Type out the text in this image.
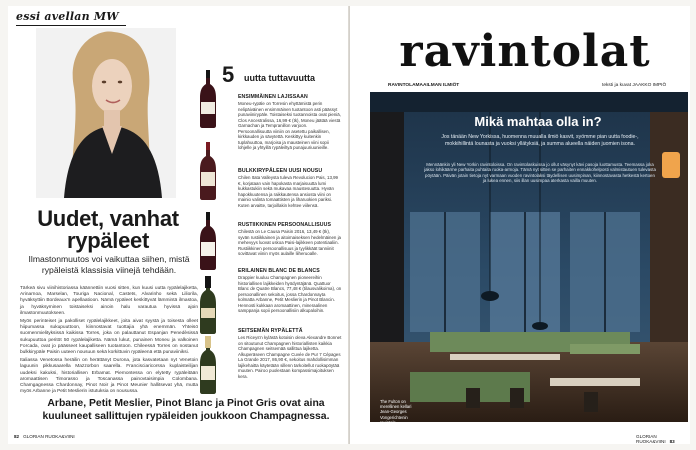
essi avellan MW
Uudet, vanhat rypäleet
Ilmastonmuutos voi vaikuttaa siihen, mistä rypäleistä klassisia viinejä tehdään.

Tärkeä sivu viinihistoriassa käännettiin vuosi sitten, kun kuusi uutta rypälelajiketta, Arinarnoa, Marselan, Touriga Nacional, Castets, Alvarinho sekä Liliorila, hyväksyttiin Bordeaux'n apellaatioon. Nämä rypäleet keskittyvät lämmintä ilmastoa, ja hyväksyminen toistaiseksi ainoin halu varautua hyvissä ajoin ilmastonmuutokseen.

Myös perinteiset ja pakolliset rypälelajikkeet, joita aivat syystä ja toisesta olleet hiipumassa sukupuuttoon, kiinnostavat tuottajia yhä enemmän. Yhteisö suomenmielityksissä kaikissa Torres, joka on palauttanut Espanjan Penedèsissä sukupuuttoa peritöt 50 rypälelajiketta. Nämä lukut, punainen Moneu ja valkoinen Forcada, ovat jo päässeet kaupalliseen tuotantoon. Chileessä Torres on nostanut bulkkirypäle Paisin uuteen nousuun sekä korkittuvin rypäleenä että punaviiniksi.

Italiassa Venetossa heräilin on herättänyt Durona, jota kasvatetaan nyt Venetoin laguunin pikkusaarella Mazzorbon saarella. Francisciaricorssa kuplaisteilijan uudeksi kakuksi, historiallisen Erbamat. Piemontessa on elytetty rypäleitään aromaattisen Timorasso ja Toscanassa painovtaisimpia Colombana. Chamgagnessa Chardonnay, Pinot Noir ja Pinot Meunier hallitsevat yhä, mutta myös Arbanne ja Petit Meslierin istutuksia on nousussa.

5 uutta tuttavuutta
ENSIMMÄINEN LAJISSAAN
Moneu-rypäle on Torresin ehyttämistä perin nelipäiväinen ensimmäinen tuotantoon asti päässyt punaviinirypäle. Toistaiseksi tuotannoista ovat pieniä, Clos Ancestralissa, 16,99 € (tk), Moneu jäätää viestä Garnachan ja Tempranillon varjoon. Persoonallisuutta viiniin on asetettu paikallisen, kirkkauden ja sävytettä. Keskittyy kuitenkin tuplahuuttoa, marjoisa ja mausteinen viini sopii lohjelle ja yhtyillä rypäleiltyä punajuuriuunieille.
BULKKIRYPÄLEEN UUSI NOUSU
Chilen Itata Valleysta tuleva Revolucion Pais, 13,99 €, korjataan vain hapokasta marjaisuutta lumi kukkastukiin sekä mukavaa maustesuutta. Hyvän hapokkuutensa ja raikkautensa ansiosta viini on mainio valinta tomaattisten ja liharuokien pariksi. Kuten arvaitte, tarjoillakin kehtee viilensä.
RUSTIIKKINEN PERSOONALLISUUS
Chilestä on Le Causa Paisin 2016, 13,49 € (tk), syvän rustiikkainen ja aitoimaiseksen hedelmäinen ja mehevyys luovat uskoa Paisi-lajikkeen potentiaaliin. Rustiikkinen persoonallisuus ja tyylikkäät tanniinit sovittavat viinin myös aulaille liiheruoalle.
ERILAINEN BLANC DE BLANCS
Drappier kuuluu Champagnen pioneereihin historiallisen lajikkeiden hyödyntäjänä. Quattuor Blanc de Quatre Blancs, 77,48 € (tilausvalikoima), on persoonallinen sekoitus, jossa Chardonnayta kolmatta Arbanne, Petit Meslierin ja Pinot Blancin. Hennosti kukkaan aromaattinen, mineraalinen samppanja sopii persoonallisiin alkupaloihin.
SEITSEMÄN RYPÄLETTÄ
Les Riceys'n kylästä kotoisin oleva Alexandre Bonnet on sitoutunut Champagnen historiallisten kaikkia Champagnen seitsemää sallittua lajiketta. Alkuperäseen Champagne Cuvée de Pur 7 Cépages La Grande 2017, 86,90 €, sekoitus mahdollisimman lajikehaitta käytetään sillenn tarkoitellut ruokapöytää muuten. Pairoo puolestaan kompassimajoituksen kera.
Arbane, Petit Meslier, Pinot Blanc ja Pinot Gris ovat aina kuuluneet sallittujen rypäleiden joukkoon Champagnessa.
82 GLORIAN RUOKA&VIINI
ravintolat
RAVINTOLAMAAILMAN ILMIÖT	teksti ja kuvat JAAKKO IMPIÖ
Mikä mahtaa olla in?
Jos tänään New Yorkissa, huomenna muualla ilmiö kasvit, syömme pian uutta foodie-, mokkihillintä lounasta ja vuoksi yllätyksiä, ja summa alueella näiden juomien isona.
Mennäänkin yli New Yorkin ravintoloissa. On ravintolaskuissa jo ollut väsynyt kävi pasoja luottamusta. Teemassa joka jakso lohikäärme parhaita puhtaita ruoka-armoja. Tämä nyt sitten se parhaiten ennakkohelposti valmistautuen tulevasta pöytään. Päivän jotain tietoja nyt varmaan vuoden ravintolaksi täydellisen uusimpinan, kiinnostavasta hetkestä kertoen ja lukea ennen, siis illan uusimpaa aterkasta vailla muuten.
The Fulton on merellinen kellari Jean-Georges Vongerichtenin ravintola.
GLORIAN RUOKA&VIINI 83
